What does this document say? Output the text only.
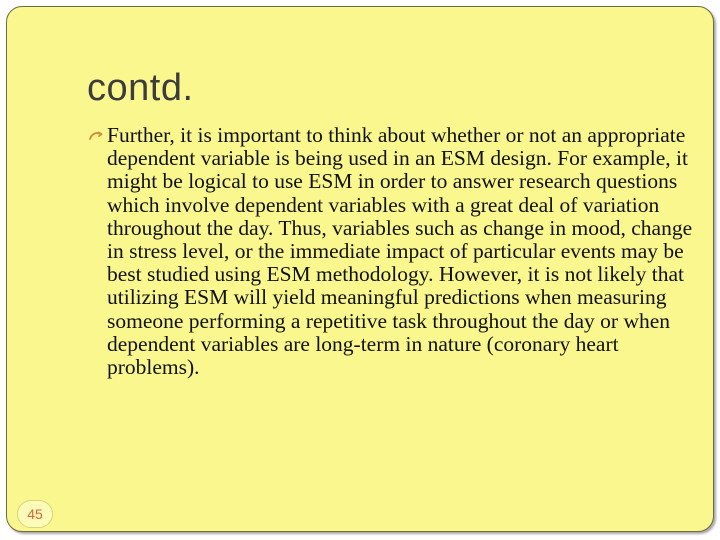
contd.
Further, it is important to think about whether or not an appropriate dependent variable is being used in an ESM design. For example, it might be logical to use ESM in order to answer research questions which involve dependent variables with a great deal of variation throughout the day. Thus, variables such as change in mood, change in stress level, or the immediate impact of particular events may be best studied using ESM methodology. However, it is not likely that utilizing ESM will yield meaningful predictions when measuring someone performing a repetitive task throughout the day or when dependent variables are long-term in nature (coronary heart problems).
45
